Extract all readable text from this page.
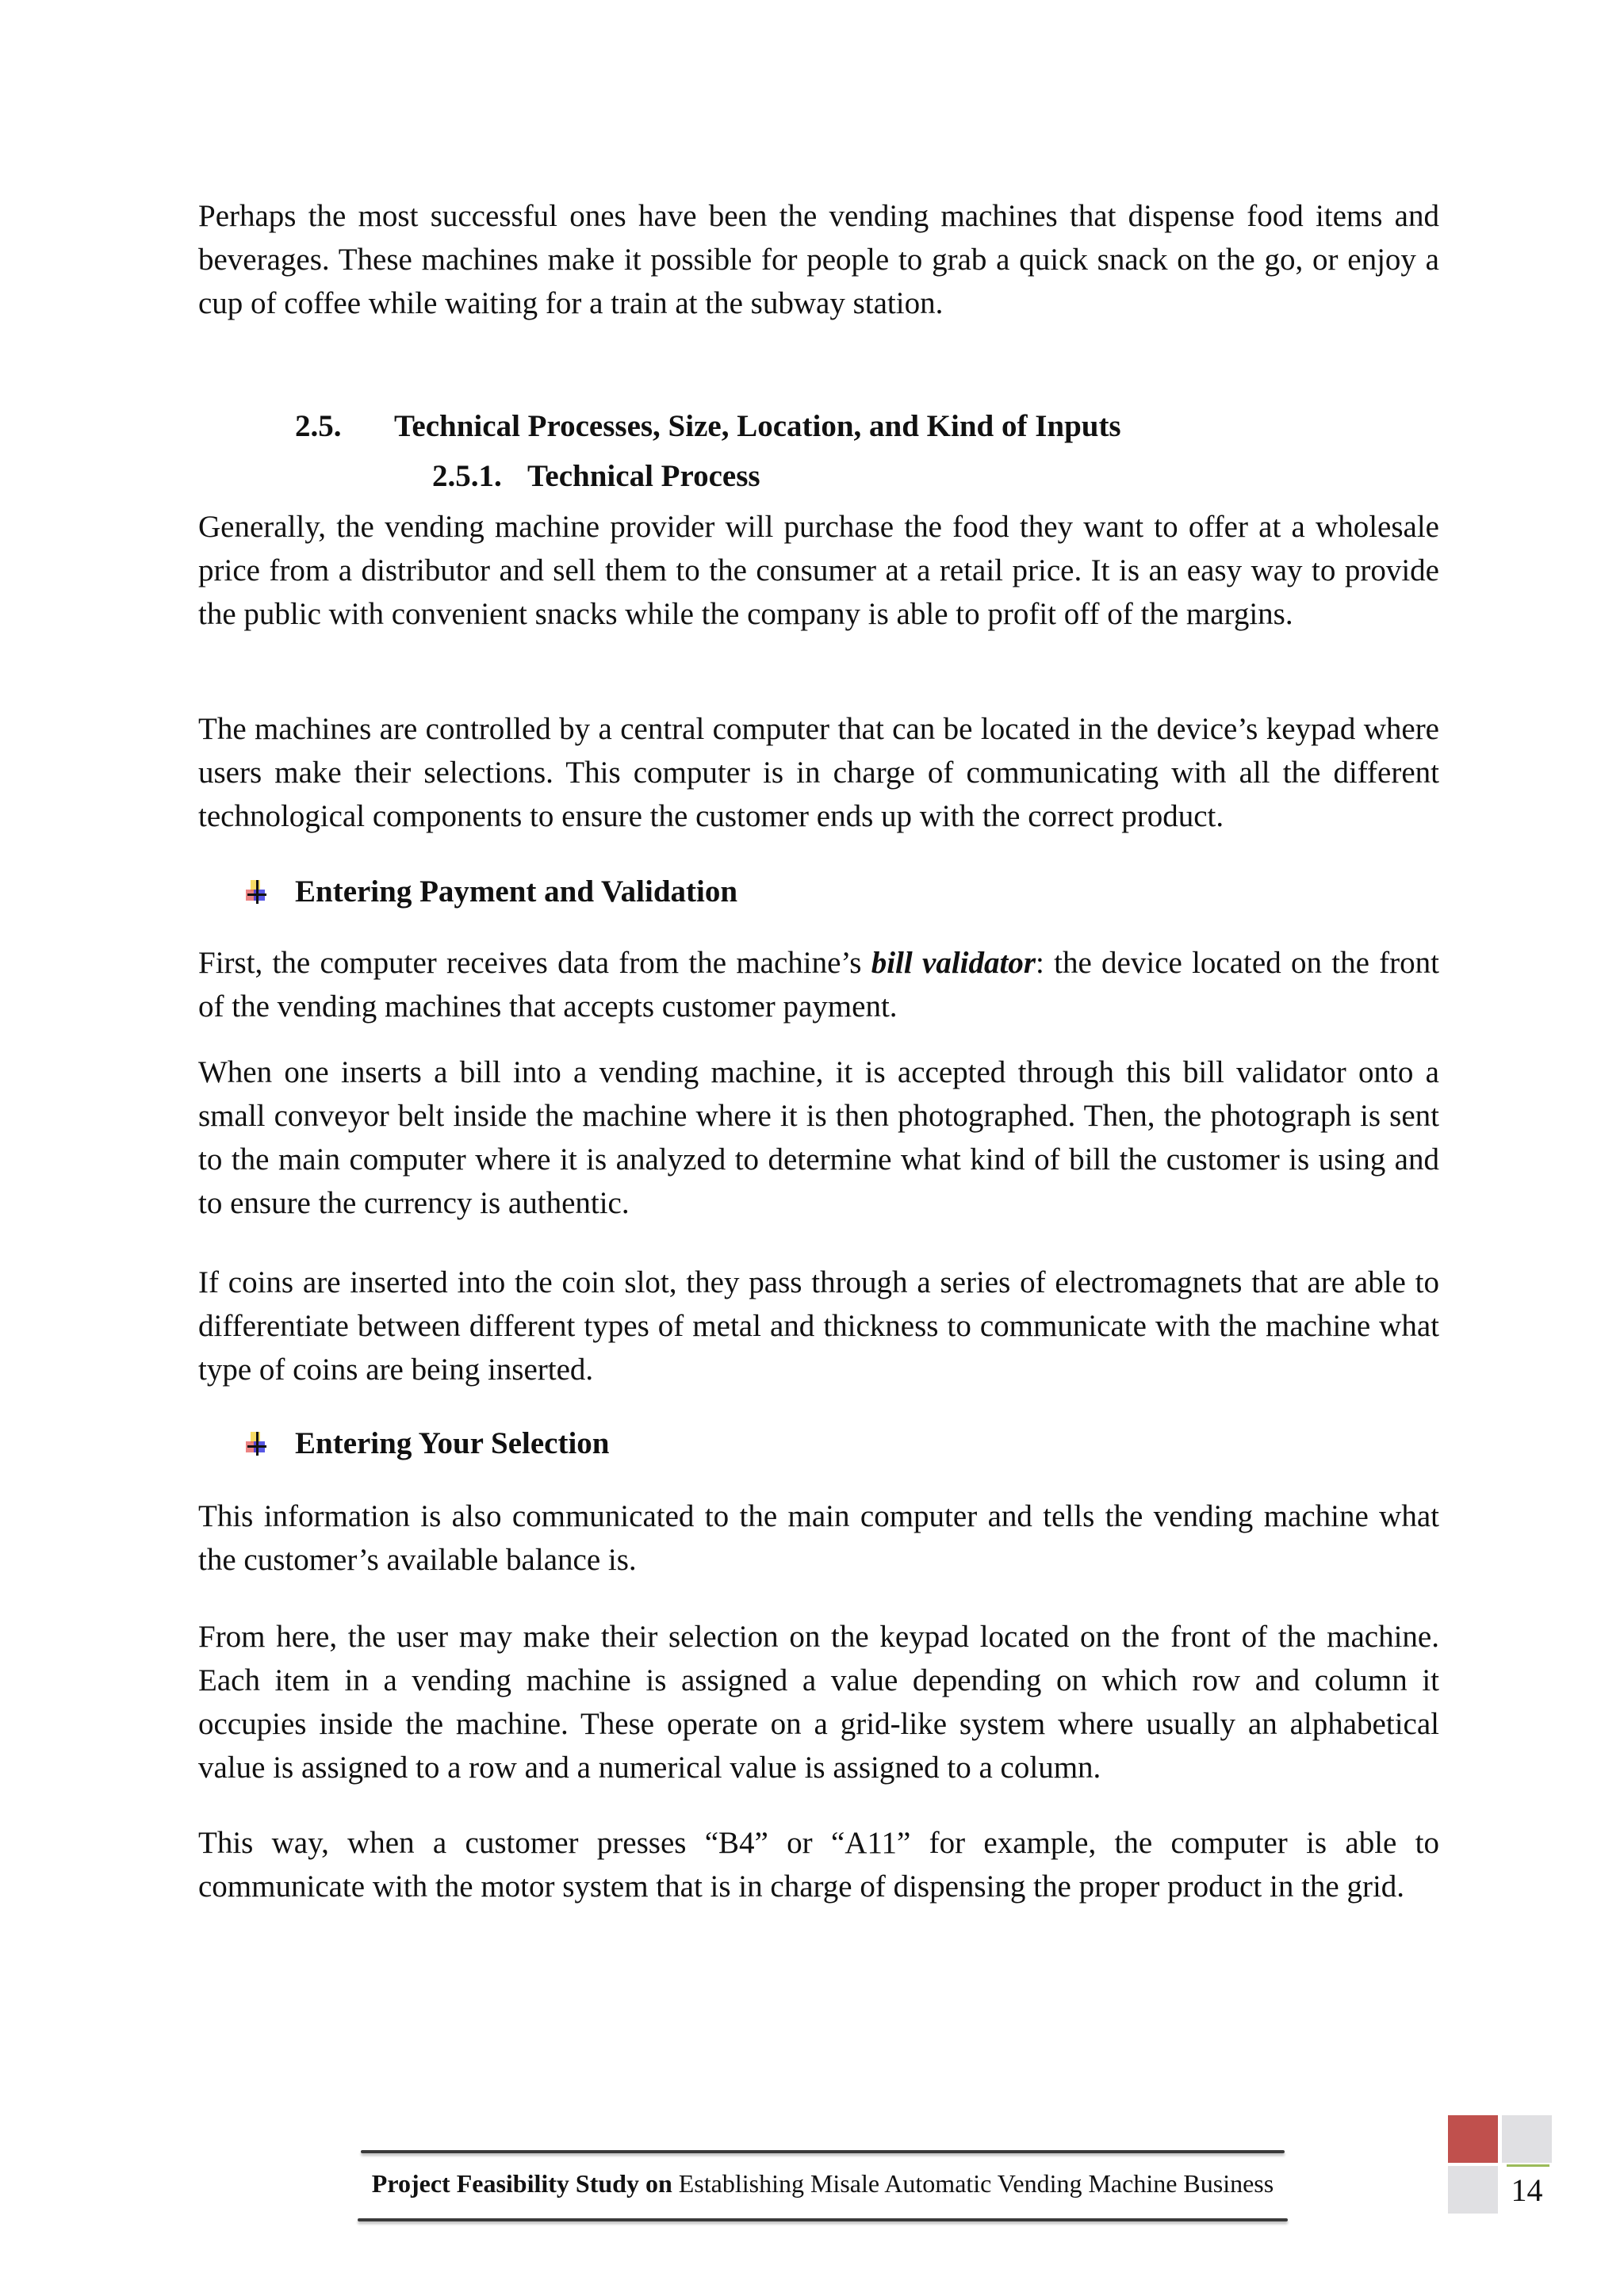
Perhaps the most successful ones have been the vending machines that dispense food items and beverages. These machines make it possible for people to grab a quick snack on the go, or enjoy a cup of coffee while waiting for a train at the subway station.

2.5. Technical Processes, Size, Location, and Kind of Inputs
2.5.1. Technical Process

Generally, the vending machine provider will purchase the food they want to offer at a wholesale price from a distributor and sell them to the consumer at a retail price. It is an easy way to provide the public with convenient snacks while the company is able to profit off of the margins.

The machines are controlled by a central computer that can be located in the device’s keypad where users make their selections. This computer is in charge of communicating with all the different technological components to ensure the customer ends up with the correct product.

Entering Payment and Validation

First, the computer receives data from the machine’s bill validator: the device located on the front of the vending machines that accepts customer payment.

When one inserts a bill into a vending machine, it is accepted through this bill validator onto a small conveyor belt inside the machine where it is then photographed. Then, the photograph is sent to the main computer where it is analyzed to determine what kind of bill the customer is using and to ensure the currency is authentic.

If coins are inserted into the coin slot, they pass through a series of electromagnets that are able to differentiate between different types of metal and thickness to communicate with the machine what type of coins are being inserted.

Entering Your Selection

This information is also communicated to the main computer and tells the vending machine what the customer’s available balance is.

From here, the user may make their selection on the keypad located on the front of the machine. Each item in a vending machine is assigned a value depending on which row and column it occupies inside the machine. These operate on a grid-like system where usually an alphabetical value is assigned to a row and a numerical value is assigned to a column.

This way, when a customer presses “B4” or “A11” for example, the computer is able to communicate with the motor system that is in charge of dispensing the proper product in the grid.

Project Feasibility Study on Establishing Misale Automatic Vending Machine Business	14
